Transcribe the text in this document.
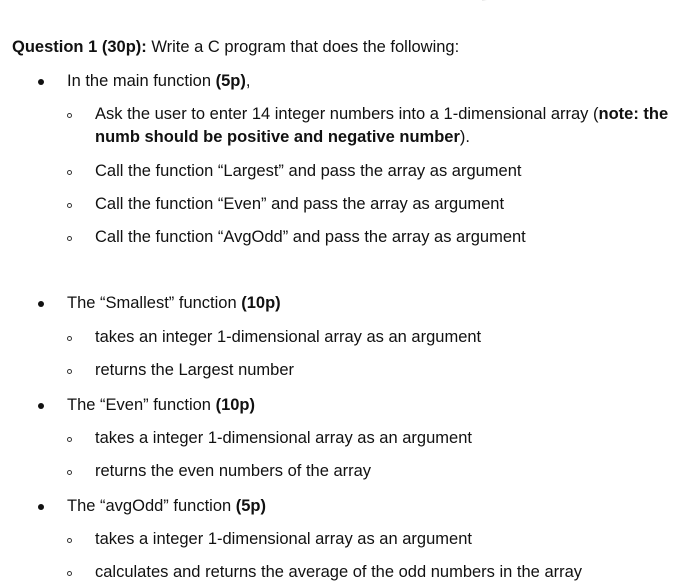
Question 1 (30p): Write a C program that does the following:
In the main function (5p),
Ask the user to enter 14 integer numbers into a 1-dimensional array (note: the
numb should be positive and negative number).
Call the function “Largest” and pass the array as argument
Call the function “Even” and pass the array as argument
Call the function “AvgOdd” and pass the array as argument
The “Smallest” function (10p)
takes an integer 1-dimensional array as an argument
returns the Largest number
The “Even” function (10p)
takes a integer 1-dimensional array as an argument
returns the even numbers of the array
The “avgOdd” function (5p)
takes a integer 1-dimensional array as an argument
calculates and returns the average of the odd numbers in the array
